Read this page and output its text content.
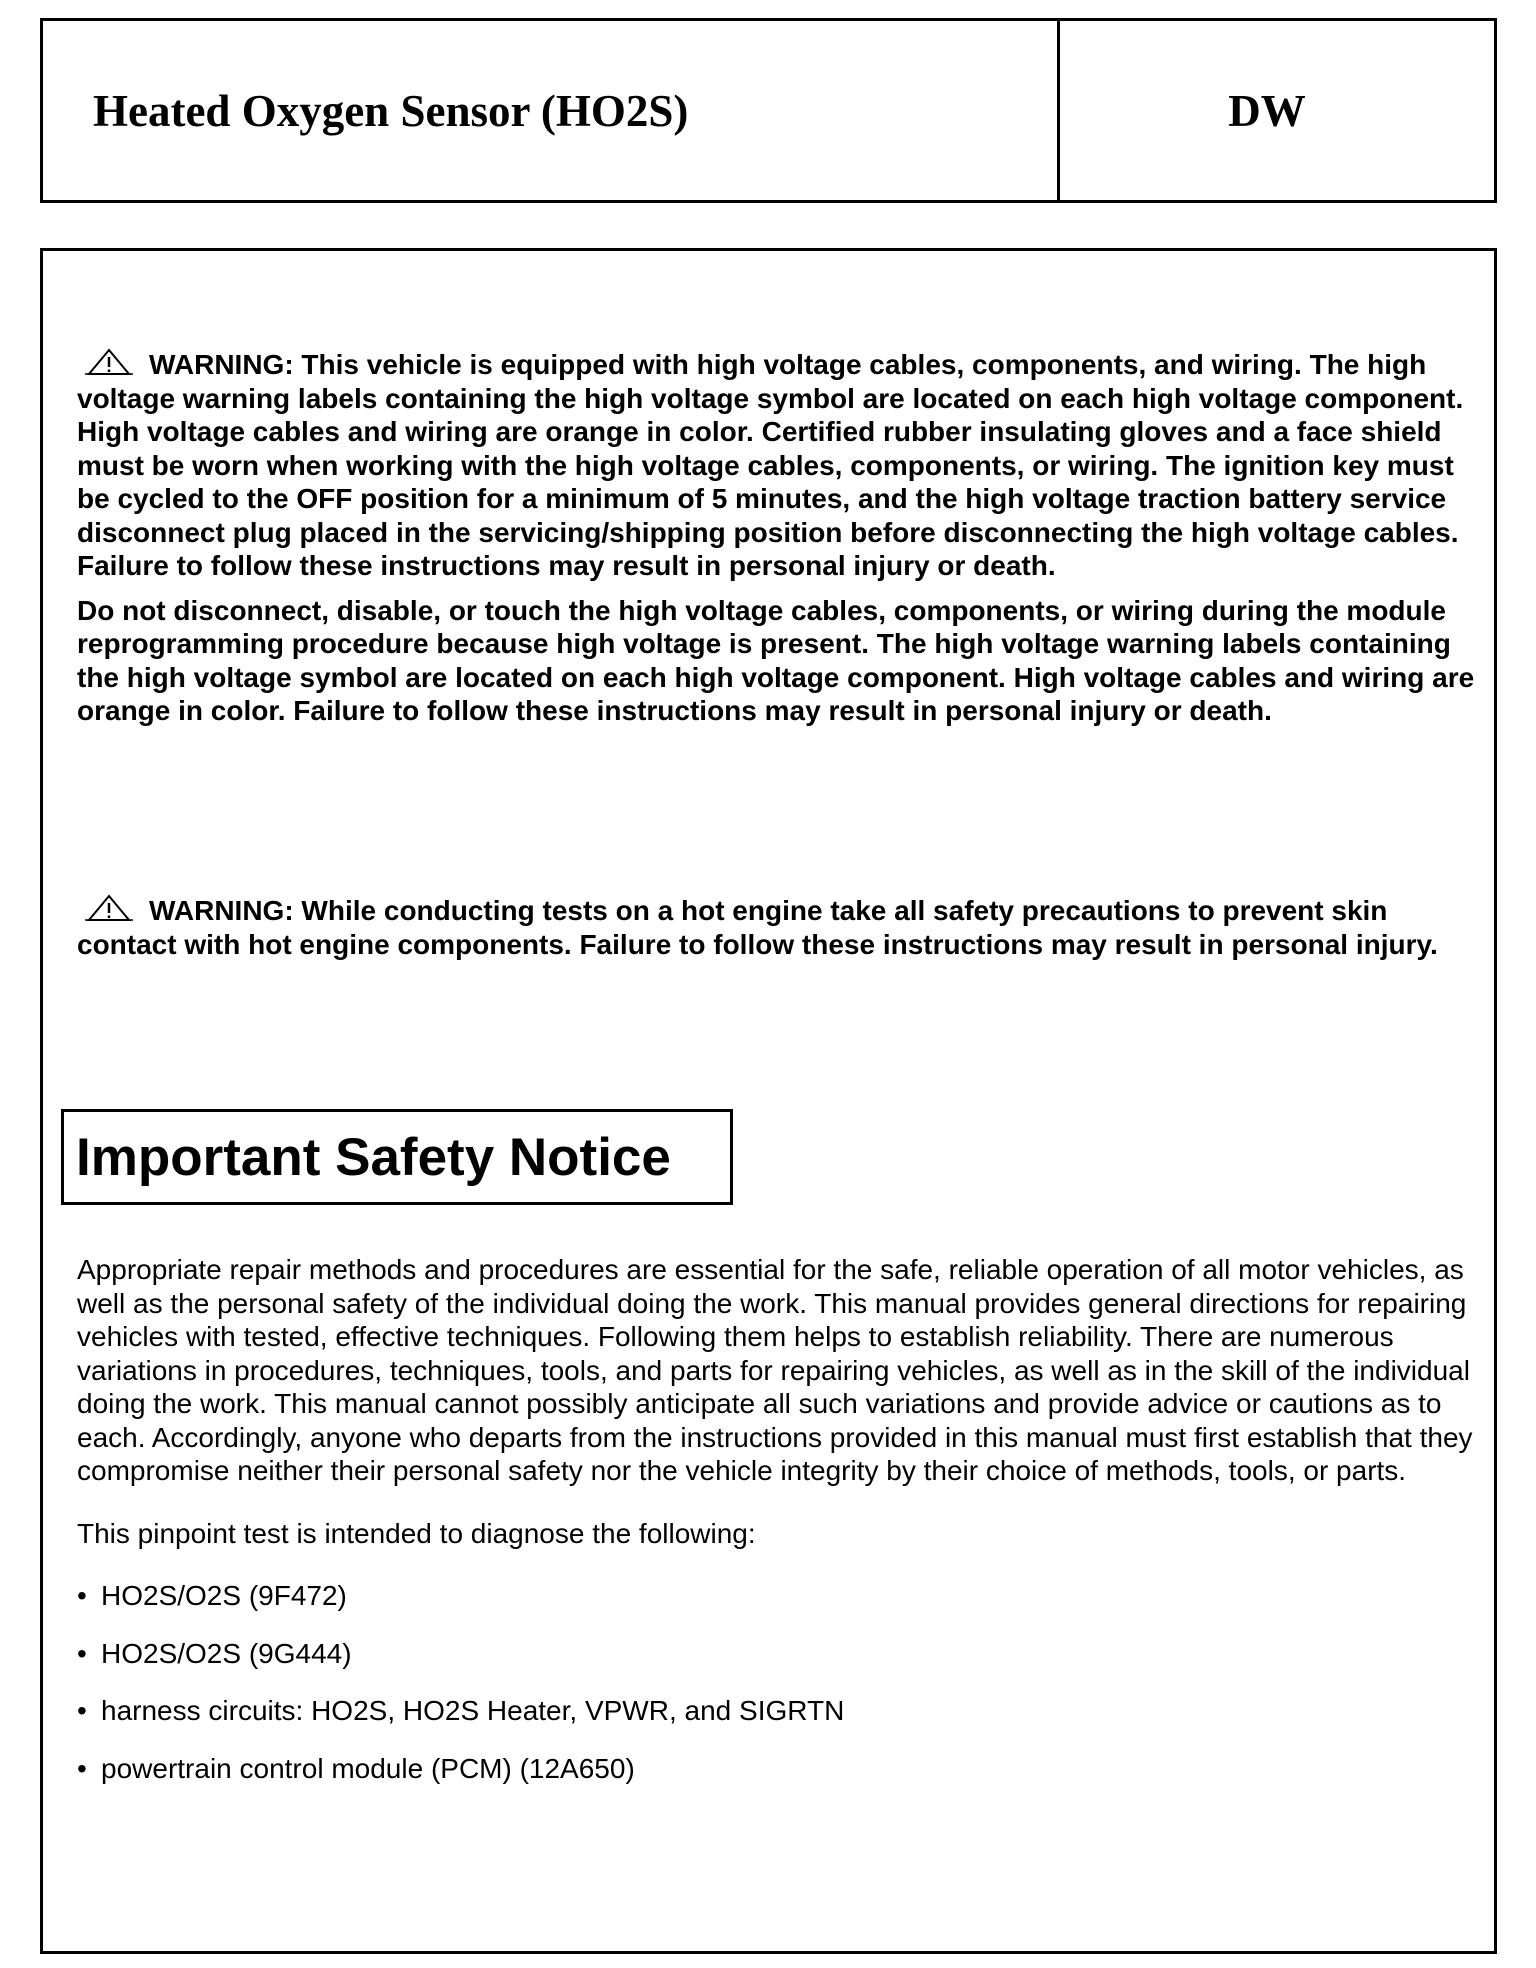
Heated Oxygen Sensor (HO2S)	DW

WARNING: This vehicle is equipped with high voltage cables, components, and wiring. The high voltage warning labels containing the high voltage symbol are located on each high voltage component. High voltage cables and wiring are orange in color. Certified rubber insulating gloves and a face shield must be worn when working with the high voltage cables, components, or wiring. The ignition key must be cycled to the OFF position for a minimum of 5 minutes, and the high voltage traction battery service disconnect plug placed in the servicing/shipping position before disconnecting the high voltage cables. Failure to follow these instructions may result in personal injury or death.

Do not disconnect, disable, or touch the high voltage cables, components, or wiring during the module reprogramming procedure because high voltage is present. The high voltage warning labels containing the high voltage symbol are located on each high voltage component. High voltage cables and wiring are orange in color. Failure to follow these instructions may result in personal injury or death.

WARNING: While conducting tests on a hot engine take all safety precautions to prevent skin contact with hot engine components. Failure to follow these instructions may result in personal injury.

Important Safety Notice

Appropriate repair methods and procedures are essential for the safe, reliable operation of all motor vehicles, as well as the personal safety of the individual doing the work. This manual provides general directions for repairing vehicles with tested, effective techniques. Following them helps to establish reliability. There are numerous variations in procedures, techniques, tools, and parts for repairing vehicles, as well as in the skill of the individual doing the work. This manual cannot possibly anticipate all such variations and provide advice or cautions as to each. Accordingly, anyone who departs from the instructions provided in this manual must first establish that they compromise neither their personal safety nor the vehicle integrity by their choice of methods, tools, or parts.

This pinpoint test is intended to diagnose the following:

• HO2S/O2S (9F472)
• HO2S/O2S (9G444)
• harness circuits: HO2S, HO2S Heater, VPWR, and SIGRTN
• powertrain control module (PCM) (12A650)
